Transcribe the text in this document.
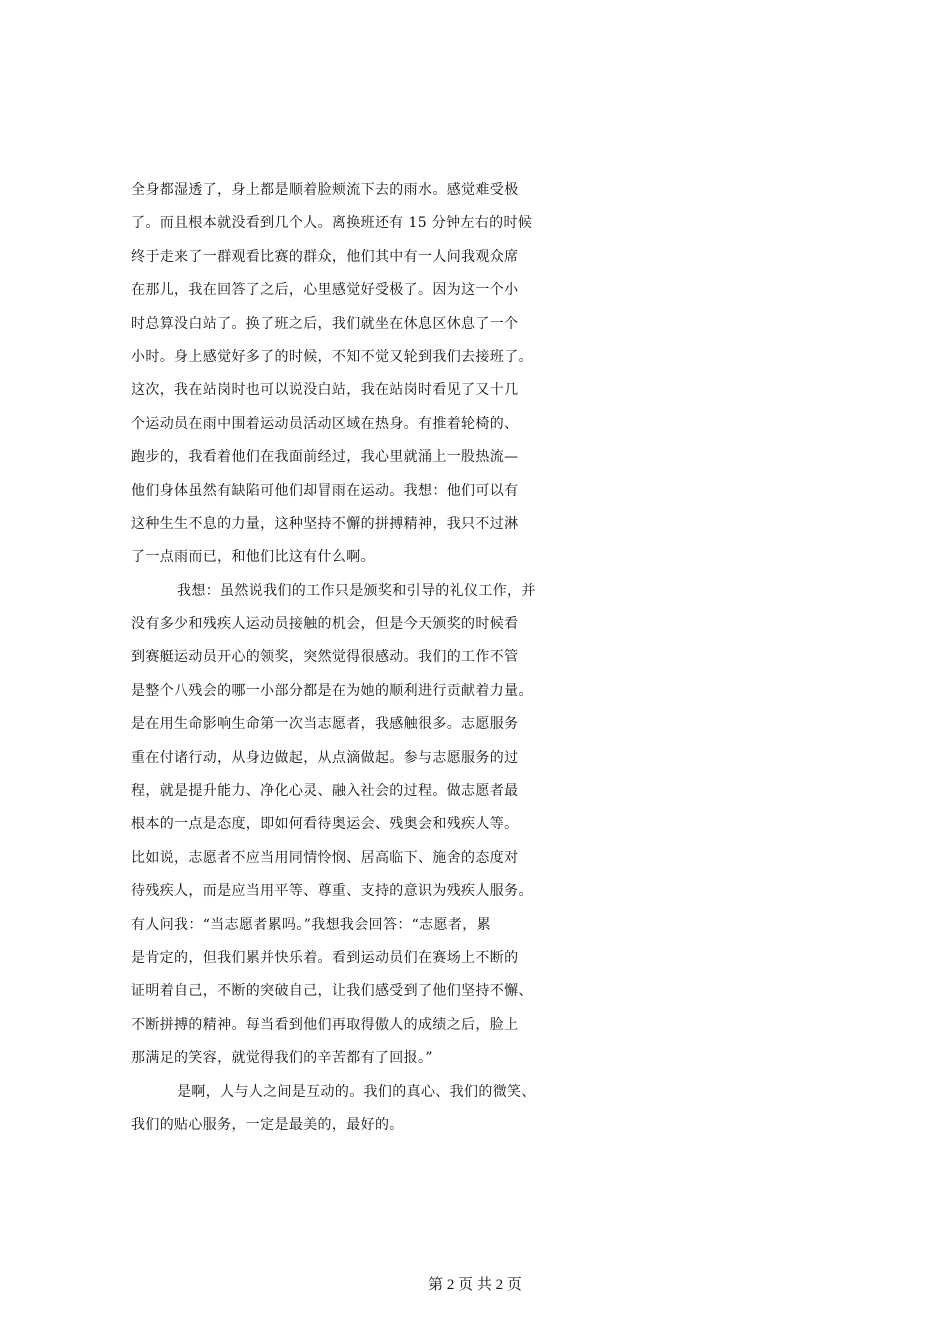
全身都湿透了，身上都是顺着脸颊流下去的雨水。感觉难受极
了。而且根本就没看到几个人。离换班还有 15 分钟左右的时候
终于走来了一群观看比赛的群众，他们其中有一人问我观众席
在那儿，我在回答了之后，心里感觉好受极了。因为这一个小
时总算没白站了。换了班之后，我们就坐在休息区休息了一个
小时。身上感觉好多了的时候，不知不觉又轮到我们去接班了。
这次，我在站岗时也可以说没白站，我在站岗时看见了又十几
个运动员在雨中围着运动员活动区域在热身。有推着轮椅的、
跑步的，我看着他们在我面前经过，我心里就涌上一股热流—
他们身体虽然有缺陷可他们却冒雨在运动。我想：他们可以有
这种生生不息的力量，这种坚持不懈的拼搏精神，我只不过淋
了一点雨而已，和他们比这有什么啊。
我想：虽然说我们的工作只是颁奖和引导的礼仪工作，并
没有多少和残疾人运动员接触的机会，但是今天颁奖的时候看
到赛艇运动员开心的领奖，突然觉得很感动。我们的工作不管
是整个八残会的哪一小部分都是在为她的顺利进行贡献着力量。
是在用生命影响生命第一次当志愿者，我感触很多。志愿服务
重在付诸行动，从身边做起，从点滴做起。参与志愿服务的过
程，就是提升能力、净化心灵、融入社会的过程。做志愿者最
根本的一点是态度，即如何看待奥运会、残奥会和残疾人等。
比如说，志愿者不应当用同情怜悯、居高临下、施舍的态度对
待残疾人，而是应当用平等、尊重、支持的意识为残疾人服务。
有人问我：“当志愿者累吗。”我想我会回答：“志愿者，累
是肯定的，但我们累并快乐着。看到运动员们在赛场上不断的
证明着自己，不断的突破自己，让我们感受到了他们坚持不懈、
不断拼搏的精神。每当看到他们再取得傲人的成绩之后，脸上
那满足的笑容，就觉得我们的辛苦都有了回报。”
是啊，人与人之间是互动的。我们的真心、我们的微笑、
我们的贴心服务，一定是最美的，最好的。
第 2 页 共 2 页
